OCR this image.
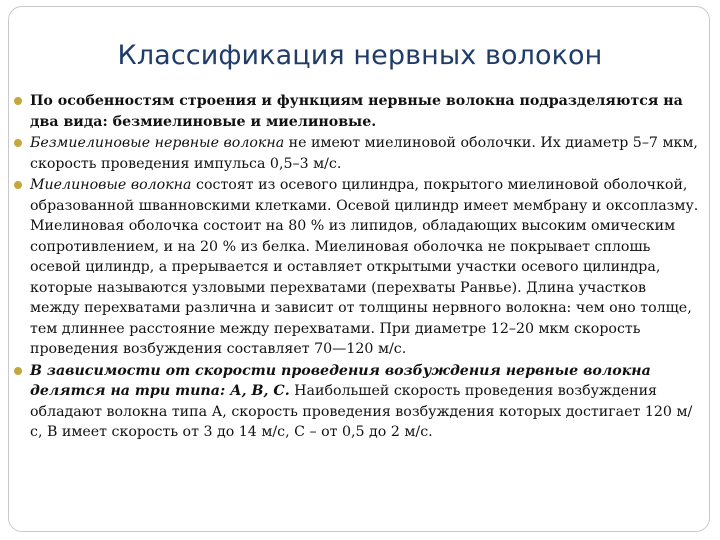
Классификация нервных волокон
По особенностям строения и функциям нервные волокна подразделяются на два вида: безмиелиновые и миелиновые.
Безмиелиновые нервные волокна не имеют миелиновой оболочки. Их диаметр 5–7 мкм, скорость проведения импульса 0,5–3 м/с.
Миелиновые волокна состоят из осевого цилиндра, покрытого миелиновой оболочкой, образованной шванновскими клетками. Осевой цилиндр имеет мембрану и оксоплазму. Миелиновая оболочка состоит на 80 % из липидов, обладающих высоким омическим сопротивлением, и на 20 % из белка. Миелиновая оболочка не покрывает сплошь осевой цилиндр, а прерывается и оставляет открытыми участки осевого цилиндра, которые называются узловыми перехватами (перехваты Ранвье). Длина участков между перехватами различна и зависит от толщины нервного волокна: чем оно толще, тем длиннее расстояние между перехватами. При диаметре 12–20 мкм скорость проведения возбуждения составляет 70—120 м/с.
В зависимости от скорости проведения возбуждения нервные волокна делятся на три типа: А, В, С. Наибольшей скорость проведения возбуждения обладают волокна типа А, скорость проведения возбуждения которых достигает 120 м/с, В имеет скорость от 3 до 14 м/с, С – от 0,5 до 2 м/с.
